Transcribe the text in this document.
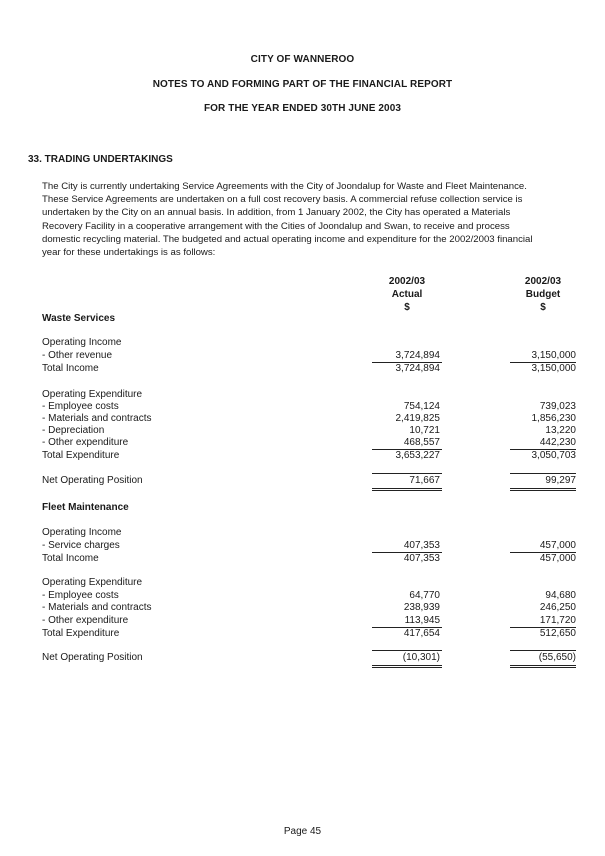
CITY OF WANNEROO
NOTES TO AND FORMING PART OF THE FINANCIAL REPORT
FOR THE YEAR ENDED 30TH JUNE 2003
33. TRADING UNDERTAKINGS
The City is currently undertaking Service Agreements with the City of Joondalup for Waste and Fleet Maintenance.
These Service Agreements are undertaken on a full cost recovery basis. A commercial refuse collection service is
undertaken by the City on an annual basis. In addition, from 1 January 2002, the City has operated a Materials
Recovery Facility in a cooperative arrangement with the Cities of Joondalup and Swan, to receive and process
domestic recycling material. The budgeted and actual operating income and expenditure for the 2002/2003 financial
year for these undertakings is as follows:
2002/03
Actual
$
2002/03
Budget
$
Waste Services
Operating Income
- Other revenue	3,724,894	3,150,000
Total Income	3,724,894	3,150,000
Operating Expenditure
- Employee costs	754,124	739,023
- Materials and contracts	2,419,825	1,856,230
- Depreciation	10,721	13,220
- Other expenditure	468,557	442,230
Total Expenditure	3,653,227	3,050,703
Net Operating Position	71,667	99,297
Fleet Maintenance
Operating Income
- Service charges	407,353	457,000
Total Income	407,353	457,000
Operating Expenditure
- Employee costs	64,770	94,680
- Materials and contracts	238,939	246,250
- Other expenditure	113,945	171,720
Total Expenditure	417,654	512,650
Net Operating Position	(10,301)	(55,650)
Page 45
